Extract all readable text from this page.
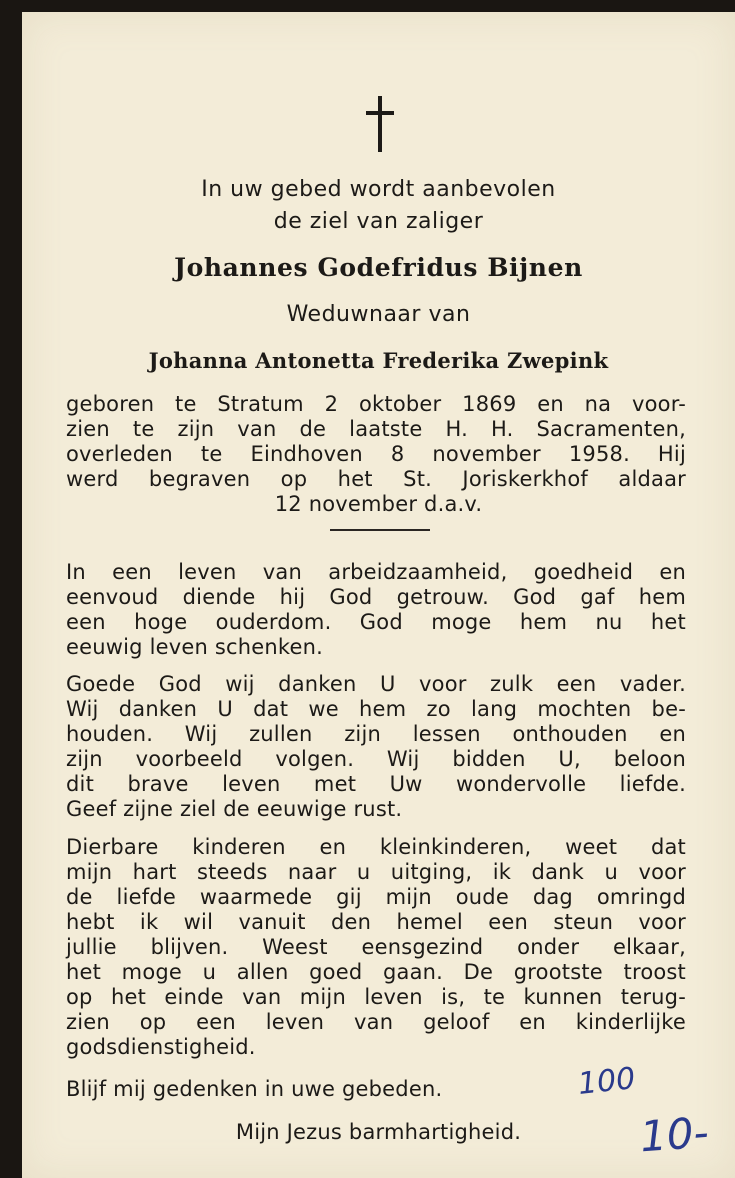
In uw gebed wordt aanbevolen
de ziel van zaliger
Johannes Godefridus Bijnen
Weduwnaar van
Johanna Antonetta Frederika Zwepink
geboren te Stratum 2 oktober 1869 en na voor-
zien te zijn van de laatste H. H. Sacramenten,
overleden te Eindhoven 8 november 1958. Hij
werd begraven op het St. Joriskerkhof aldaar
12 november d.a.v.
In een leven van arbeidzaamheid, goedheid en
eenvoud diende hij God getrouw. God gaf hem
een hoge ouderdom. God moge hem nu het
eeuwig leven schenken.
Goede God wij danken U voor zulk een vader.
Wij danken U dat we hem zo lang mochten be-
houden. Wij zullen zijn lessen onthouden en
zijn voorbeeld volgen. Wij bidden U, beloon
dit brave leven met Uw wondervolle liefde.
Geef zijne ziel de eeuwige rust.
Dierbare kinderen en kleinkinderen, weet dat
mijn hart steeds naar u uitging, ik dank u voor
de liefde waarmede gij mijn oude dag omringd
hebt ik wil vanuit den hemel een steun voor
jullie blijven. Weest eensgezind onder elkaar,
het moge u allen goed gaan. De grootste troost
op het einde van mijn leven is, te kunnen terug-
zien op een leven van geloof en kinderlijke
godsdienstigheid.
Blijf mij gedenken in uwe gebeden.
Mijn Jezus barmhartigheid.
100
10-
